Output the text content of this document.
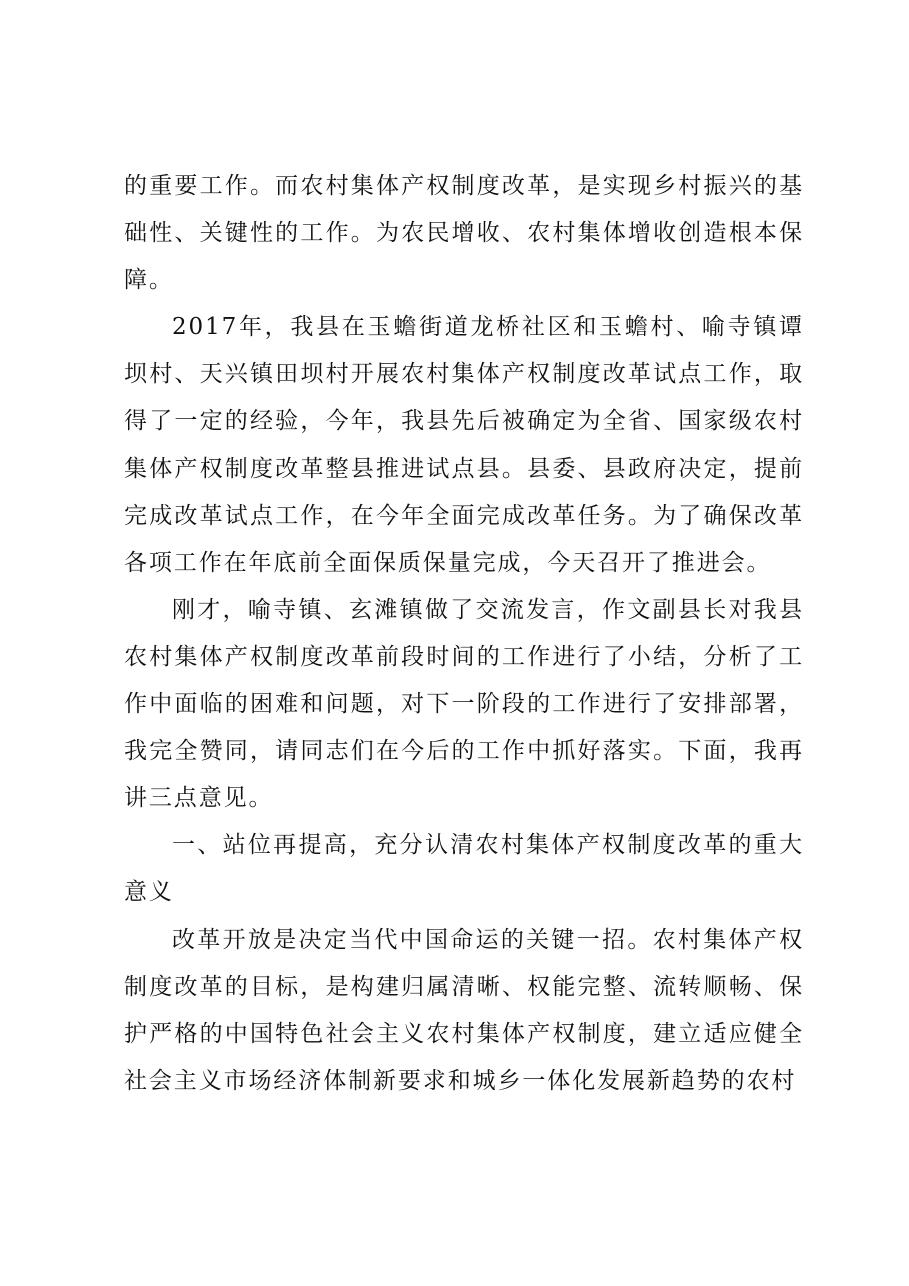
的重要工作。而农村集体产权制度改革，是实现乡村振兴的基础性、关键性的工作。为农民增收、农村集体增收创造根本保障。

2017年，我县在玉蟾街道龙桥社区和玉蟾村、喻寺镇谭坝村、天兴镇田坝村开展农村集体产权制度改革试点工作，取得了一定的经验，今年，我县先后被确定为全省、国家级农村集体产权制度改革整县推进试点县。县委、县政府决定，提前完成改革试点工作，在今年全面完成改革任务。为了确保改革各项工作在年底前全面保质保量完成，今天召开了推进会。

刚才，喻寺镇、玄滩镇做了交流发言，作文副县长对我县农村集体产权制度改革前段时间的工作进行了小结，分析了工作中面临的困难和问题，对下一阶段的工作进行了安排部署，我完全赞同，请同志们在今后的工作中抓好落实。下面，我再讲三点意见。

一、站位再提高，充分认清农村集体产权制度改革的重大意义

改革开放是决定当代中国命运的关键一招。农村集体产权制度改革的目标，是构建归属清晰、权能完整、流转顺畅、保护严格的中国特色社会主义农村集体产权制度，建立适应健全社会主义市场经济体制新要求和城乡一体化发展新趋势的农村
